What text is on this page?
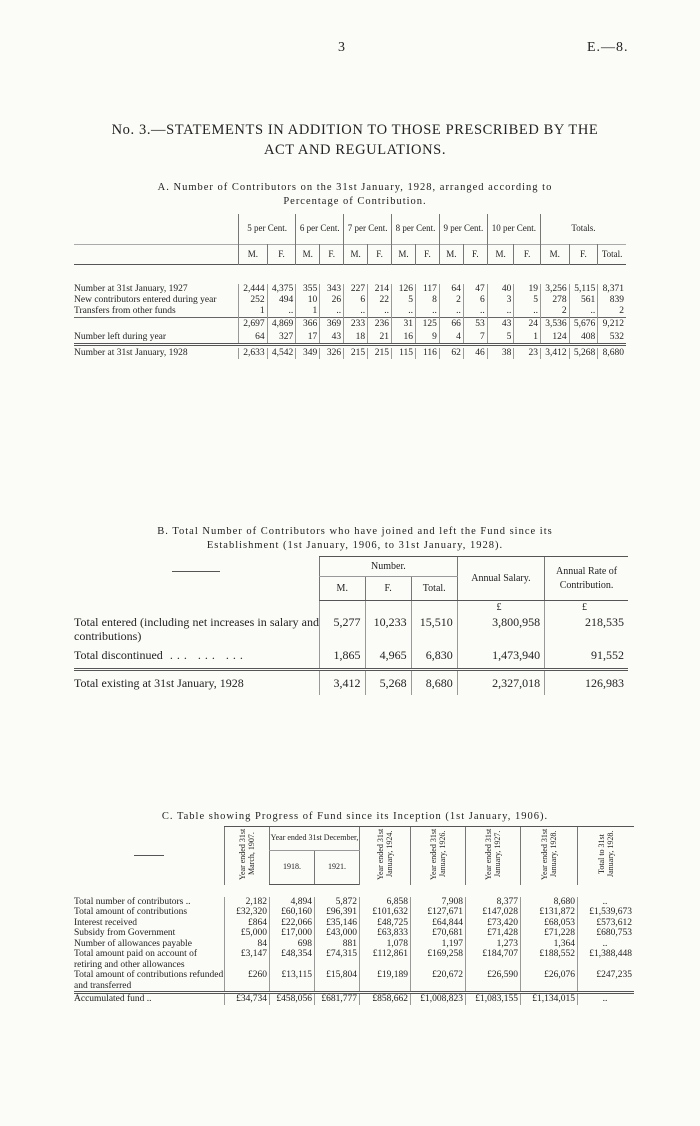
3	E.—8.
No. 3.—STATEMENTS IN ADDITION TO THOSE PRESCRIBED BY THE
ACT AND REGULATIONS.
A. Number of Contributors on the 31st January, 1928, arranged according to
Percentage of Contribution.
	5 per Cent.		6 per Cent.		7 per Cent.		8 per Cent.		9 per Cent.		10 per Cent.		Totals.		
	M.	F.	M.	F.	M.	F.	M.	F.	M.	F.	M.	F.	M.	F.	Total.

Number at 31st January, 1927	2,444	4,375	355	343	227	214	126	117	64	47	40	19	3,256	5,115	8,371
New contributors entered during year	252	494	10	26	6	22	5	8	2	6	3	5	278	561	839
Transfers from other funds	1	..	1	..	..	..	..	..	..	..	..	..	2	..	2
	2,697	4,869	366	369	233	236	31	125	66	53	43	24	3,536	5,676	9,212
Number left during year	64	327	17	43	18	21	16	9	4	7	5	1	124	408	532

Number at 31st January, 1928	2,633	4,542	349	326	215	215	115	116	62	46	38	23	3,412	5,268	8,680
B. Total Number of Contributors who have joined and left the Fund since its
Establishment (1st January, 1906, to 31st January, 1928).
	Number.			Annual Salary.	Annual Rate of Contribution.
	M.	F.	Total.		
				£	£
Total entered (including net increases in salary and contributions)	5,277	10,233	15,510	3,800,958	218,535
Total discontinued ... ... ...	1,865	4,965	6,830	1,473,940	91,552
Total existing at 31st January, 1928	3,412	5,268	8,680	2,327,018	126,983
C. Table showing Progress of Fund since its Inception (1st January, 1906).
	Year ended 31st March, 1907.	Year ended 31st December,		Year ended 31st January, 1924.	Year ended 31st January, 1926.	Year ended 31st January, 1927.	Year ended 31st January, 1928.	Total to 31st January, 1928.
		1918.	1921.					

Total number of contributors ..	2,182	4,894	5,872	6,858	7,908	8,377	8,680	..
Total amount of contributions	£32,320	£60,160	£96,391	£101,632	£127,671	£147,028	£131,872	£1,539,673
Interest received	£864	£22,066	£35,146	£48,725	£64,844	£73,420	£68,053	£573,612
Subsidy from Government	£5,000	£17,000	£43,000	£63,833	£70,681	£71,428	£71,228	£680,753
Number of allowances payable	84	698	881	1,078	1,197	1,273	1,364	..
Total amount paid on account of retiring and other allowances	£3,147	£48,354	£74,315	£112,861	£169,258	£184,707	£188,552	£1,388,448
Total amount of contributions refunded and transferred	£260	£13,115	£15,804	£19,189	£20,672	£26,590	£26,076	£247,235
Accumulated fund ..	£34,734	£458,056	£681,777	£858,662	£1,008,823	£1,083,155	£1,134,015	..
